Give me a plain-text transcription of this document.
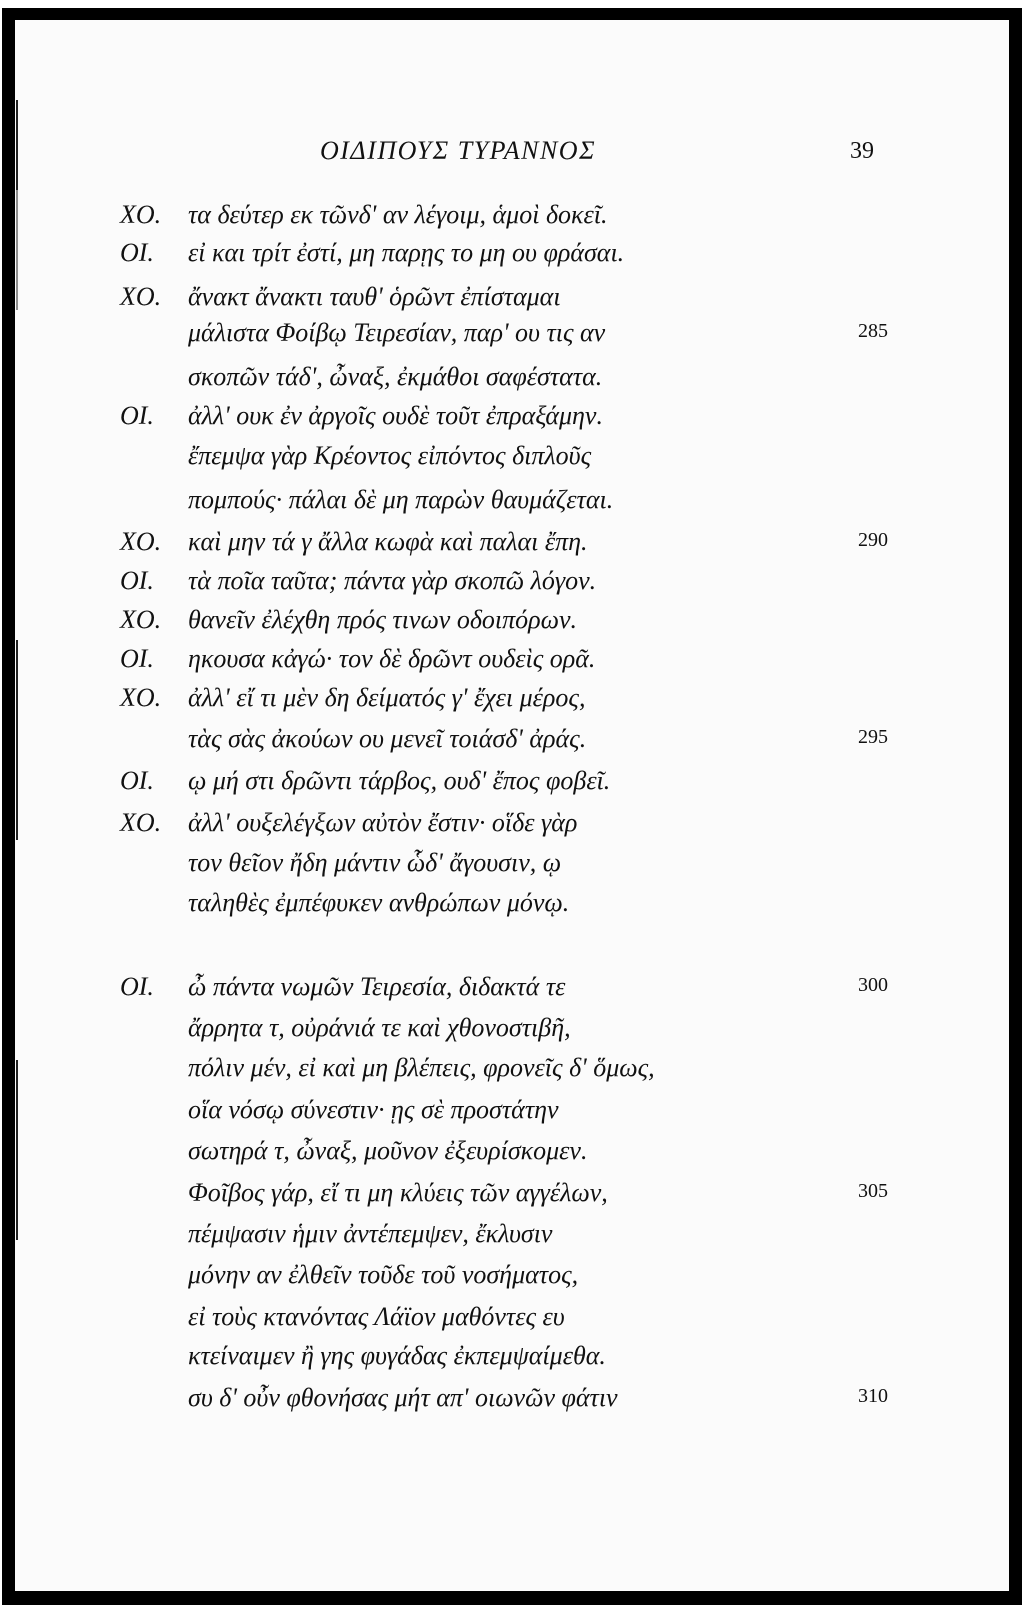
ΟΙΔΙΠΟΥΣ ΤΥΡΑΝΝΟΣ	39
ΧΟ. τα δεύτερ εκ τῶνδ' αν λέγοιμ, ἁμοὶ δοκεῖ.
ΟΙ. εἰ και τρίτ ἐστί, μη παρῃς το μη ου φράσαι.
ΧΟ. ἄνακτ ἄνακτι ταυθ' ὁρῶντ ἐπίσταμαι
μάλιστα Φοίβῳ Τειρεσίαν, παρ' ου τις αν	285
σκοπῶν τάδ', ὦναξ, ἐκμάθοι σαφέστατα.
ΟΙ. ἀλλ' ουκ ἐν ἀργοῖς ουδὲ τοῦτ ἐπραξάμην.
ἔπεμψα γὰρ Κρέοντος εἰπόντος διπλοῦς
πομπούς· πάλαι δὲ μη παρὼν θαυμάζεται.
ΧΟ. καὶ μην τά γ ἄλλα κωφὰ καὶ παλαι ἔπη.	290
ΟΙ. τὰ ποῖα ταῦτα; πάντα γὰρ σκοπῶ λόγον.
ΧΟ. θανεῖν ἐλέχθη πρός τινων οδοιπόρων.
ΟΙ. ηκουσα κἀγώ· τον δὲ δρῶντ ουδεὶς ορᾶ.
ΧΟ. ἀλλ' εἴ τι μὲν δη δείματός γ' ἔχει μέρος,
τὰς σὰς ἀκούων ου μενεῖ τοιάσδ' ἀράς.	295
ΟΙ. ῳ μή στι δρῶντι τάρβος, ουδ' ἔπος φοβεῖ.
ΧΟ. ἀλλ' ουξελέγξων αὐτὸν ἔστιν· οἵδε γὰρ
τον θεῖον ἤδη μάντιν ὧδ' ἄγουσιν, ῳ
ταληθὲς ἐμπέφυκεν ανθρώπων μόνῳ.
ΟΙ. ὦ πάντα νωμῶν Τειρεσία, διδακτά τε	300
ἄρρητα τ, οὐράνιά τε καὶ χθονοστιβῆ,
πόλιν μέν, εἰ καὶ μη βλέπεις, φρονεῖς δ' ὅμως,
οἵα νόσῳ σύνεστιν· ῃς σὲ προστάτην
σωτηρά τ, ὦναξ, μοῦνον ἐξευρίσκομεν.
Φοῖβος γάρ, εἴ τι μη κλύεις τῶν αγγέλων,	305
πέμψασιν ἡμιν ἀντέπεμψεν, ἔκλυσιν
μόνην αν ἐλθεῖν τοῦδε τοῦ νοσήματος,
εἰ τοὺς κτανόντας Λάϊον μαθόντες ευ
κτείναιμεν ἢ γης φυγάδας ἐκπεμψαίμεθα.
συ δ' οὖν φθονήσας μήτ απ' οιωνῶν φάτιν	310
